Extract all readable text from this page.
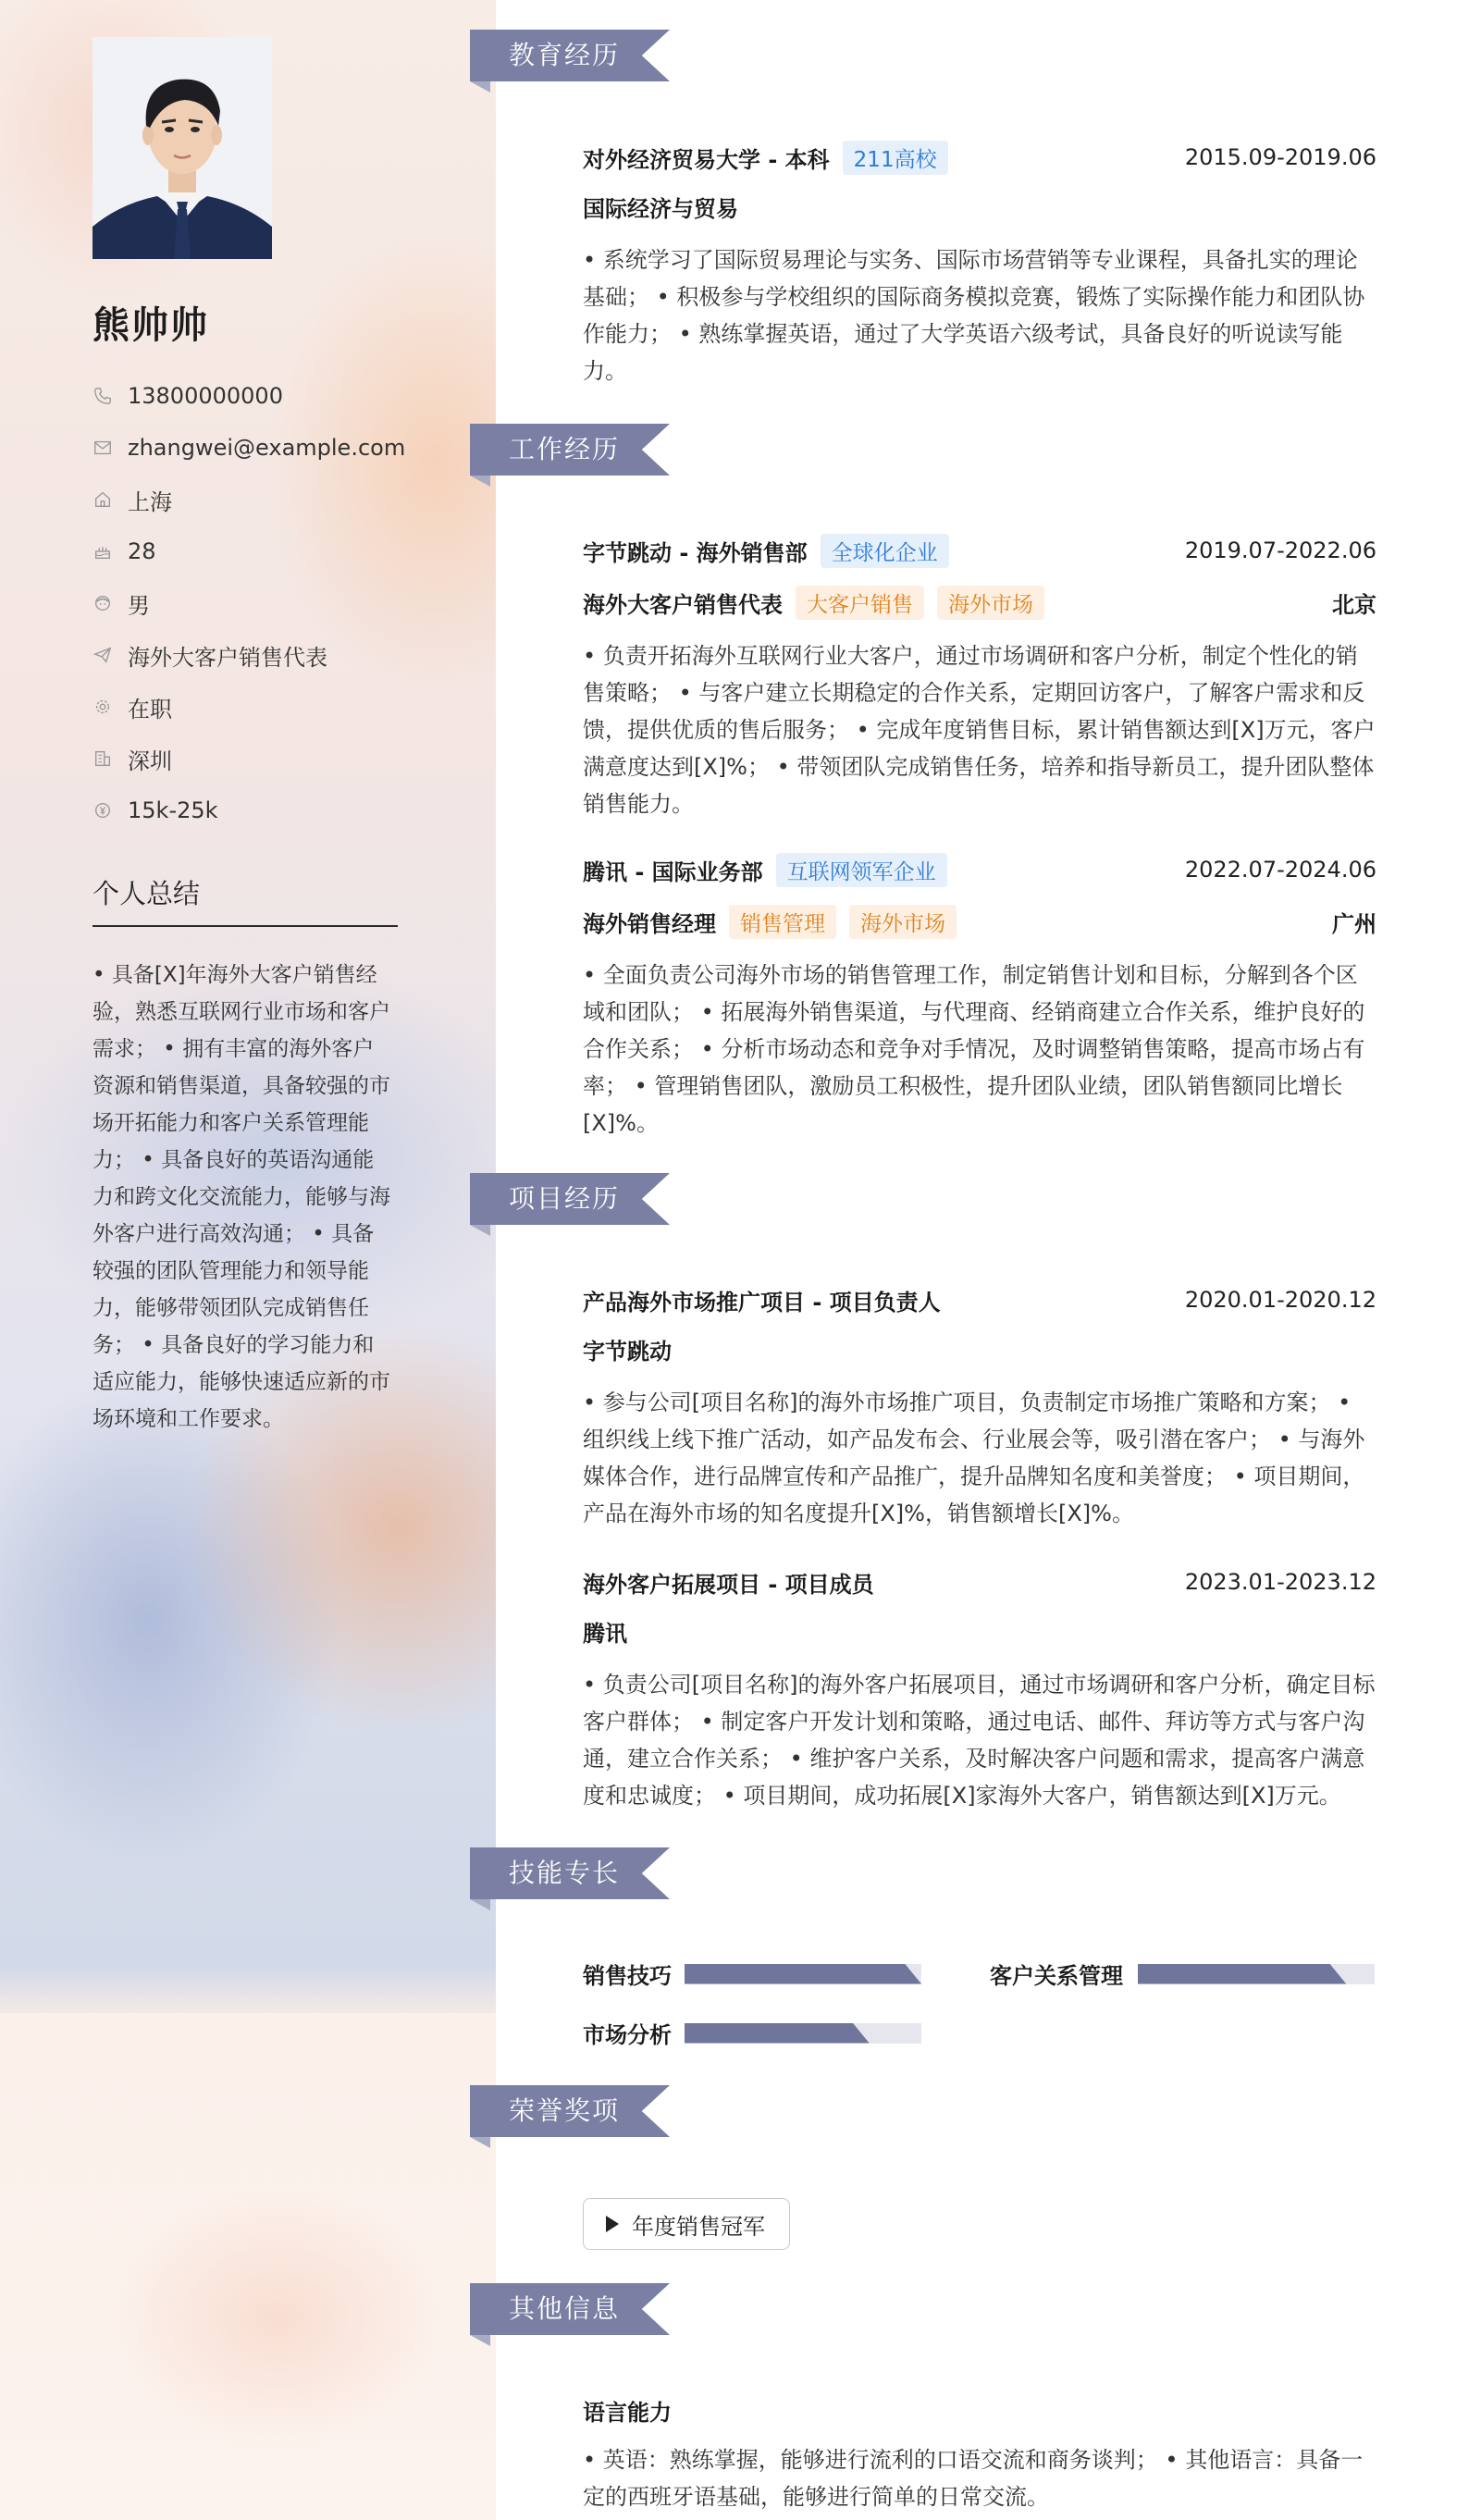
熊帅帅
13800000000
zhangwei@example.com
上海
28
男
海外大客户销售代表
在职
深圳
15k-25k
个人总结
• 具备[X]年海外大客户销售经验，熟悉互联网行业市场和客户需求； • 拥有丰富的海外客户资源和销售渠道，具备较强的市场开拓能力和客户关系管理能力； • 具备良好的英语沟通能力和跨文化交流能力，能够与海外客户进行高效沟通； • 具备较强的团队管理能力和领导能力，能够带领团队完成销售任务； • 具备良好的学习能力和适应能力，能够快速适应新的市场环境和工作要求。
教育经历
对外经济贸易大学 - 本科	211高校	2015.09-2019.06
国际经济与贸易
• 系统学习了国际贸易理论与实务、国际市场营销等专业课程，具备扎实的理论基础； • 积极参与学校组织的国际商务模拟竞赛，锻炼了实际操作能力和团队协作能力； • 熟练掌握英语，通过了大学英语六级考试，具备良好的听说读写能力。
工作经历
字节跳动 - 海外销售部	全球化企业	2019.07-2022.06
海外大客户销售代表	大客户销售	海外市场	北京
• 负责开拓海外互联网行业大客户，通过市场调研和客户分析，制定个性化的销售策略； • 与客户建立长期稳定的合作关系，定期回访客户，了解客户需求和反馈，提供优质的售后服务； • 完成年度销售目标，累计销售额达到[X]万元，客户满意度达到[X]%； • 带领团队完成销售任务，培养和指导新员工，提升团队整体销售能力。
腾讯 - 国际业务部	互联网领军企业	2022.07-2024.06
海外销售经理	销售管理	海外市场	广州
• 全面负责公司海外市场的销售管理工作，制定销售计划和目标，分解到各个区域和团队； • 拓展海外销售渠道，与代理商、经销商建立合作关系，维护良好的合作关系； • 分析市场动态和竞争对手情况，及时调整销售策略，提高市场占有率； • 管理销售团队，激励员工积极性，提升团队业绩，团队销售额同比增长[X]%。
项目经历
产品海外市场推广项目 - 项目负责人	2020.01-2020.12
字节跳动
• 参与公司[项目名称]的海外市场推广项目，负责制定市场推广策略和方案； • 组织线上线下推广活动，如产品发布会、行业展会等，吸引潜在客户； • 与海外媒体合作，进行品牌宣传和产品推广，提升品牌知名度和美誉度； • 项目期间，产品在海外市场的知名度提升[X]%，销售额增长[X]%。
海外客户拓展项目 - 项目成员	2023.01-2023.12
腾讯
• 负责公司[项目名称]的海外客户拓展项目，通过市场调研和客户分析，确定目标客户群体； • 制定客户开发计划和策略，通过电话、邮件、拜访等方式与客户沟通，建立合作关系； • 维护客户关系，及时解决客户问题和需求，提高客户满意度和忠诚度； • 项目期间，成功拓展[X]家海外大客户，销售额达到[X]万元。
技能专长
销售技巧	客户关系管理
市场分析
荣誉奖项
年度销售冠军
其他信息
语言能力
• 英语：熟练掌握，能够进行流利的口语交流和商务谈判； • 其他语言：具备一定的西班牙语基础，能够进行简单的日常交流。
